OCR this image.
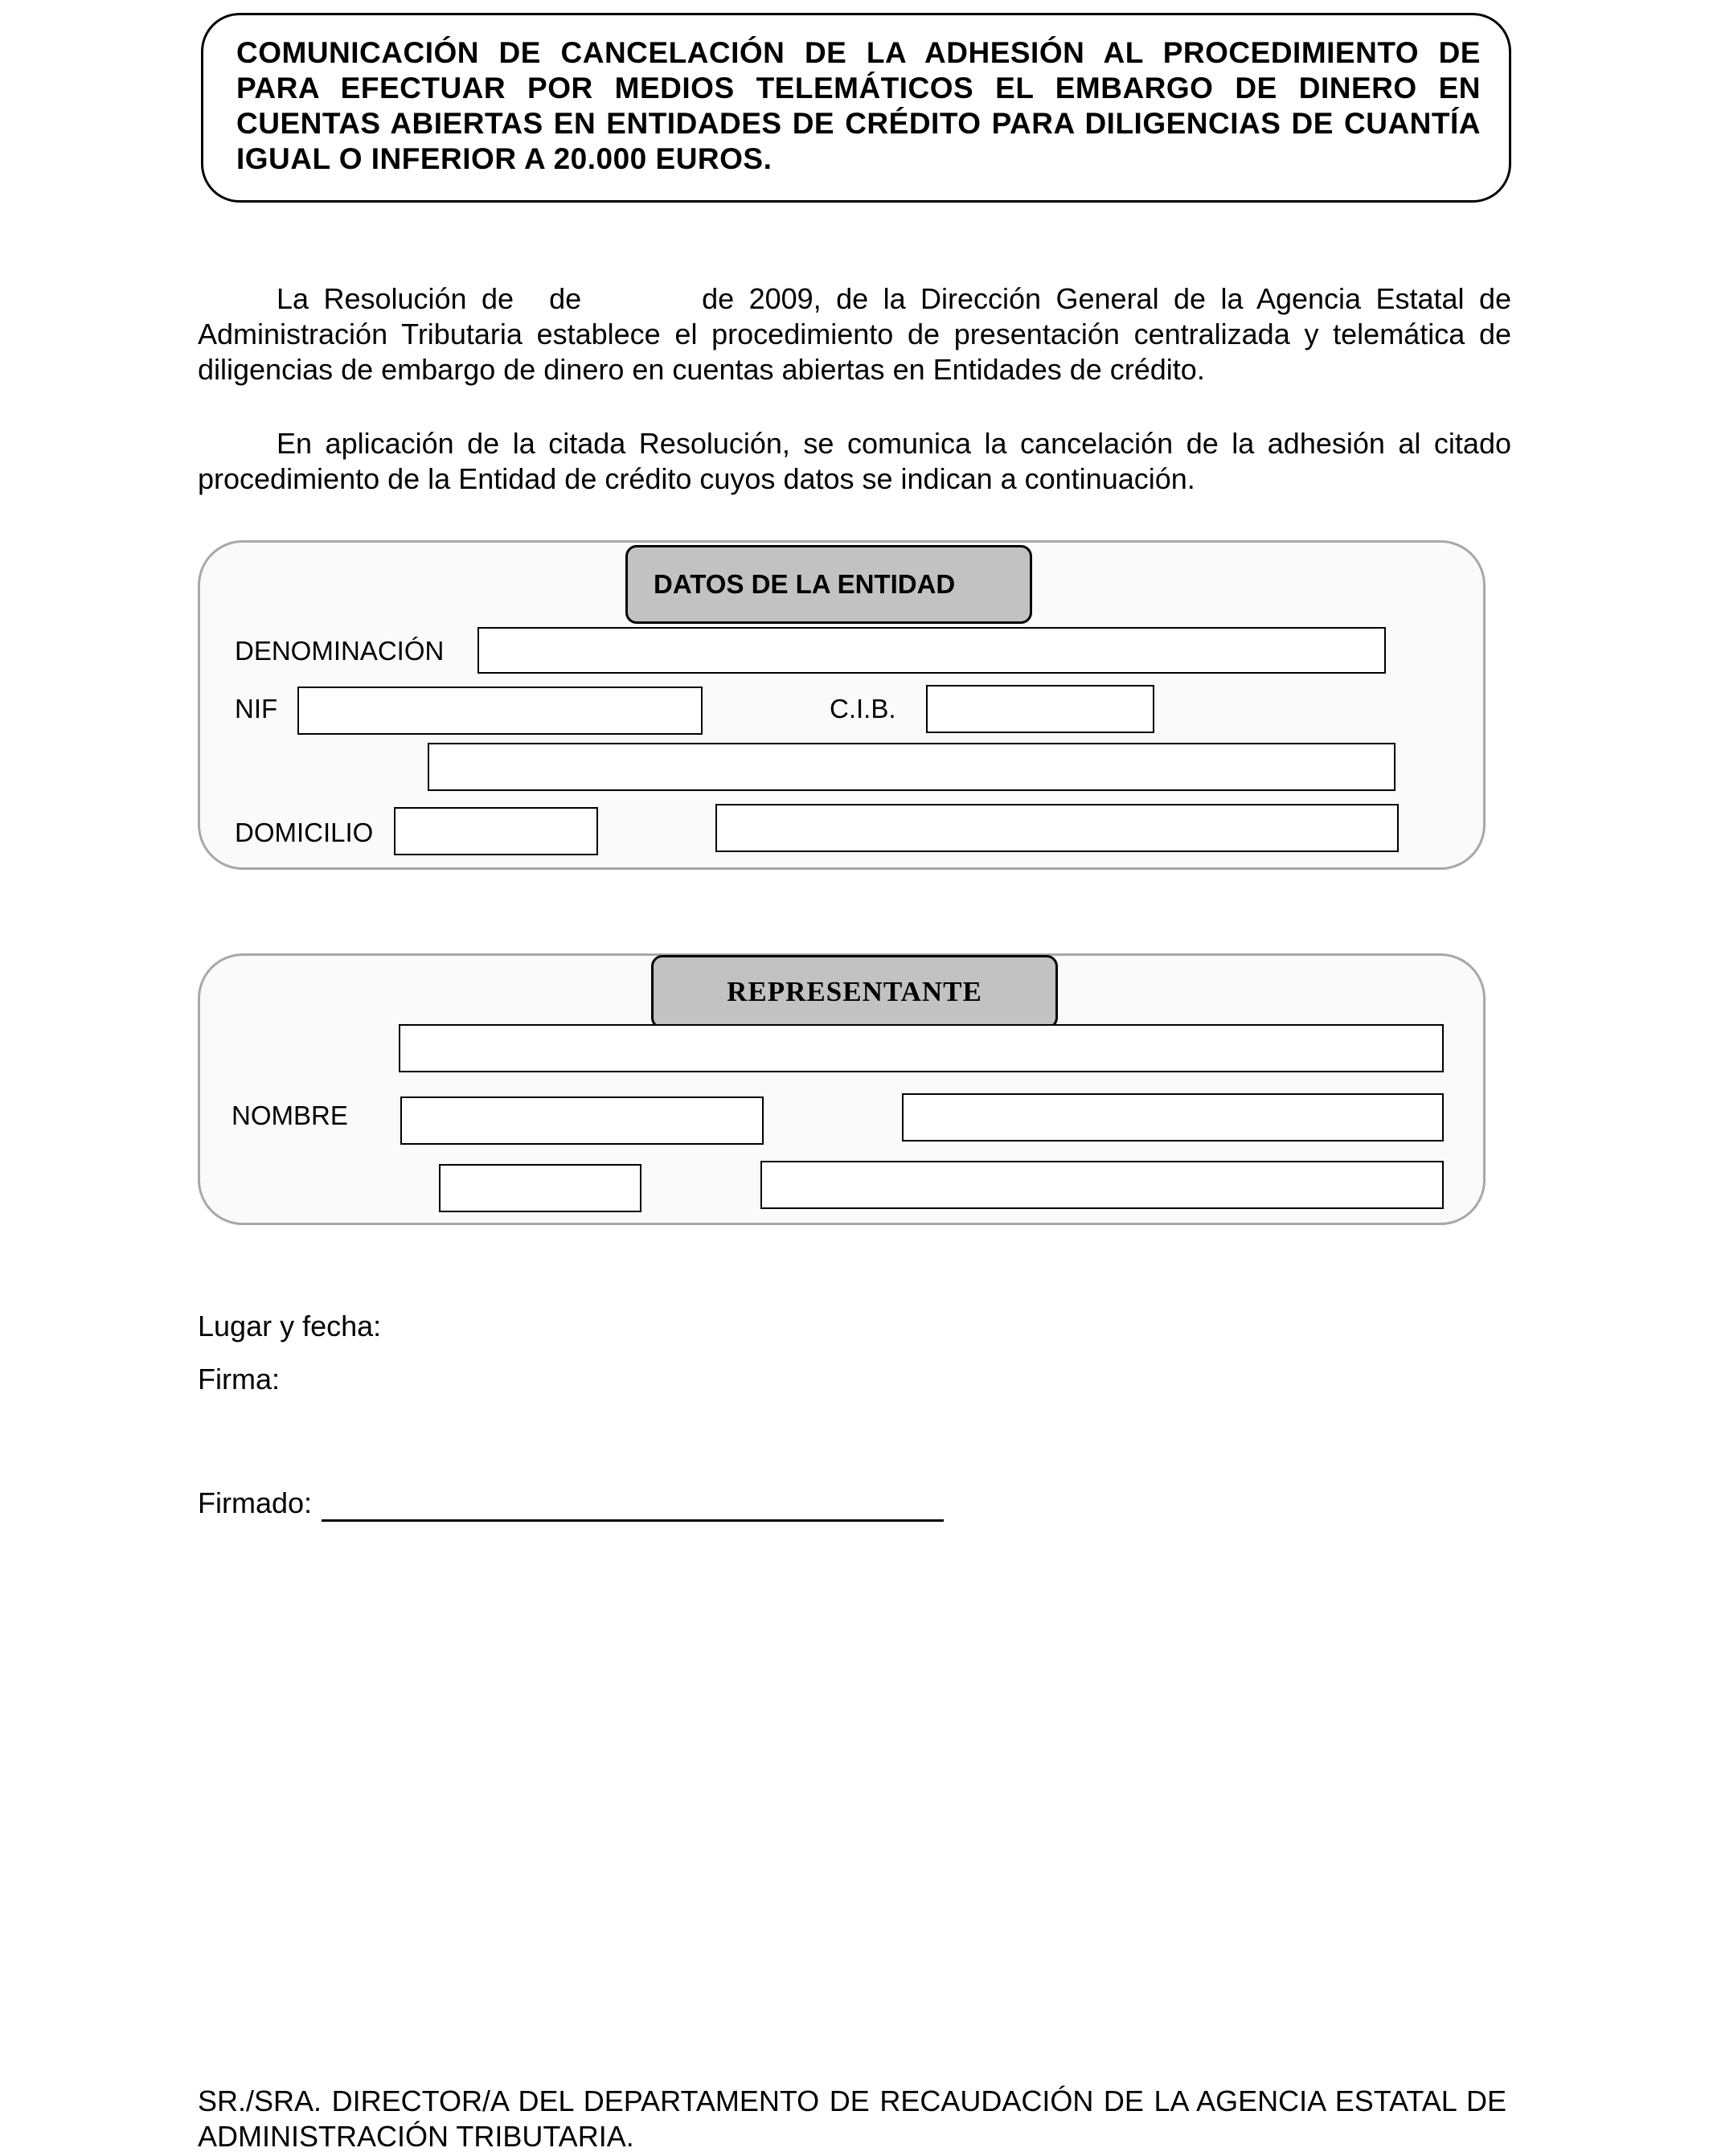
COMUNICACIÓN DE CANCELACIÓN DE LA ADHESIÓN AL PROCEDIMIENTO DE PARA EFECTUAR POR MEDIOS TELEMÁTICOS EL EMBARGO DE DINERO EN CUENTAS ABIERTAS EN ENTIDADES DE CRÉDITO PARA DILIGENCIAS DE CUANTÍA IGUAL O INFERIOR A 20.000 EUROS.
La Resolución de de	de 2009, de la Dirección General de la Agencia Estatal de Administración Tributaria establece el procedimiento de presentación centralizada y telemática de diligencias de embargo de dinero en cuentas abiertas en Entidades de crédito.
En aplicación de la citada Resolución, se comunica la cancelación de la adhesión al citado procedimiento de la Entidad de crédito cuyos datos se indican a continuación.
DATOS DE LA ENTIDAD
DENOMINACIÓN
NIF	C.I.B.
DOMICILIO
REPRESENTANTE
NOMBRE
Lugar y fecha:
Firma:
Firmado:
SR./SRA. DIRECTOR/A DEL DEPARTAMENTO DE RECAUDACIÓN DE LA AGENCIA ESTATAL DE ADMINISTRACIÓN TRIBUTARIA.
